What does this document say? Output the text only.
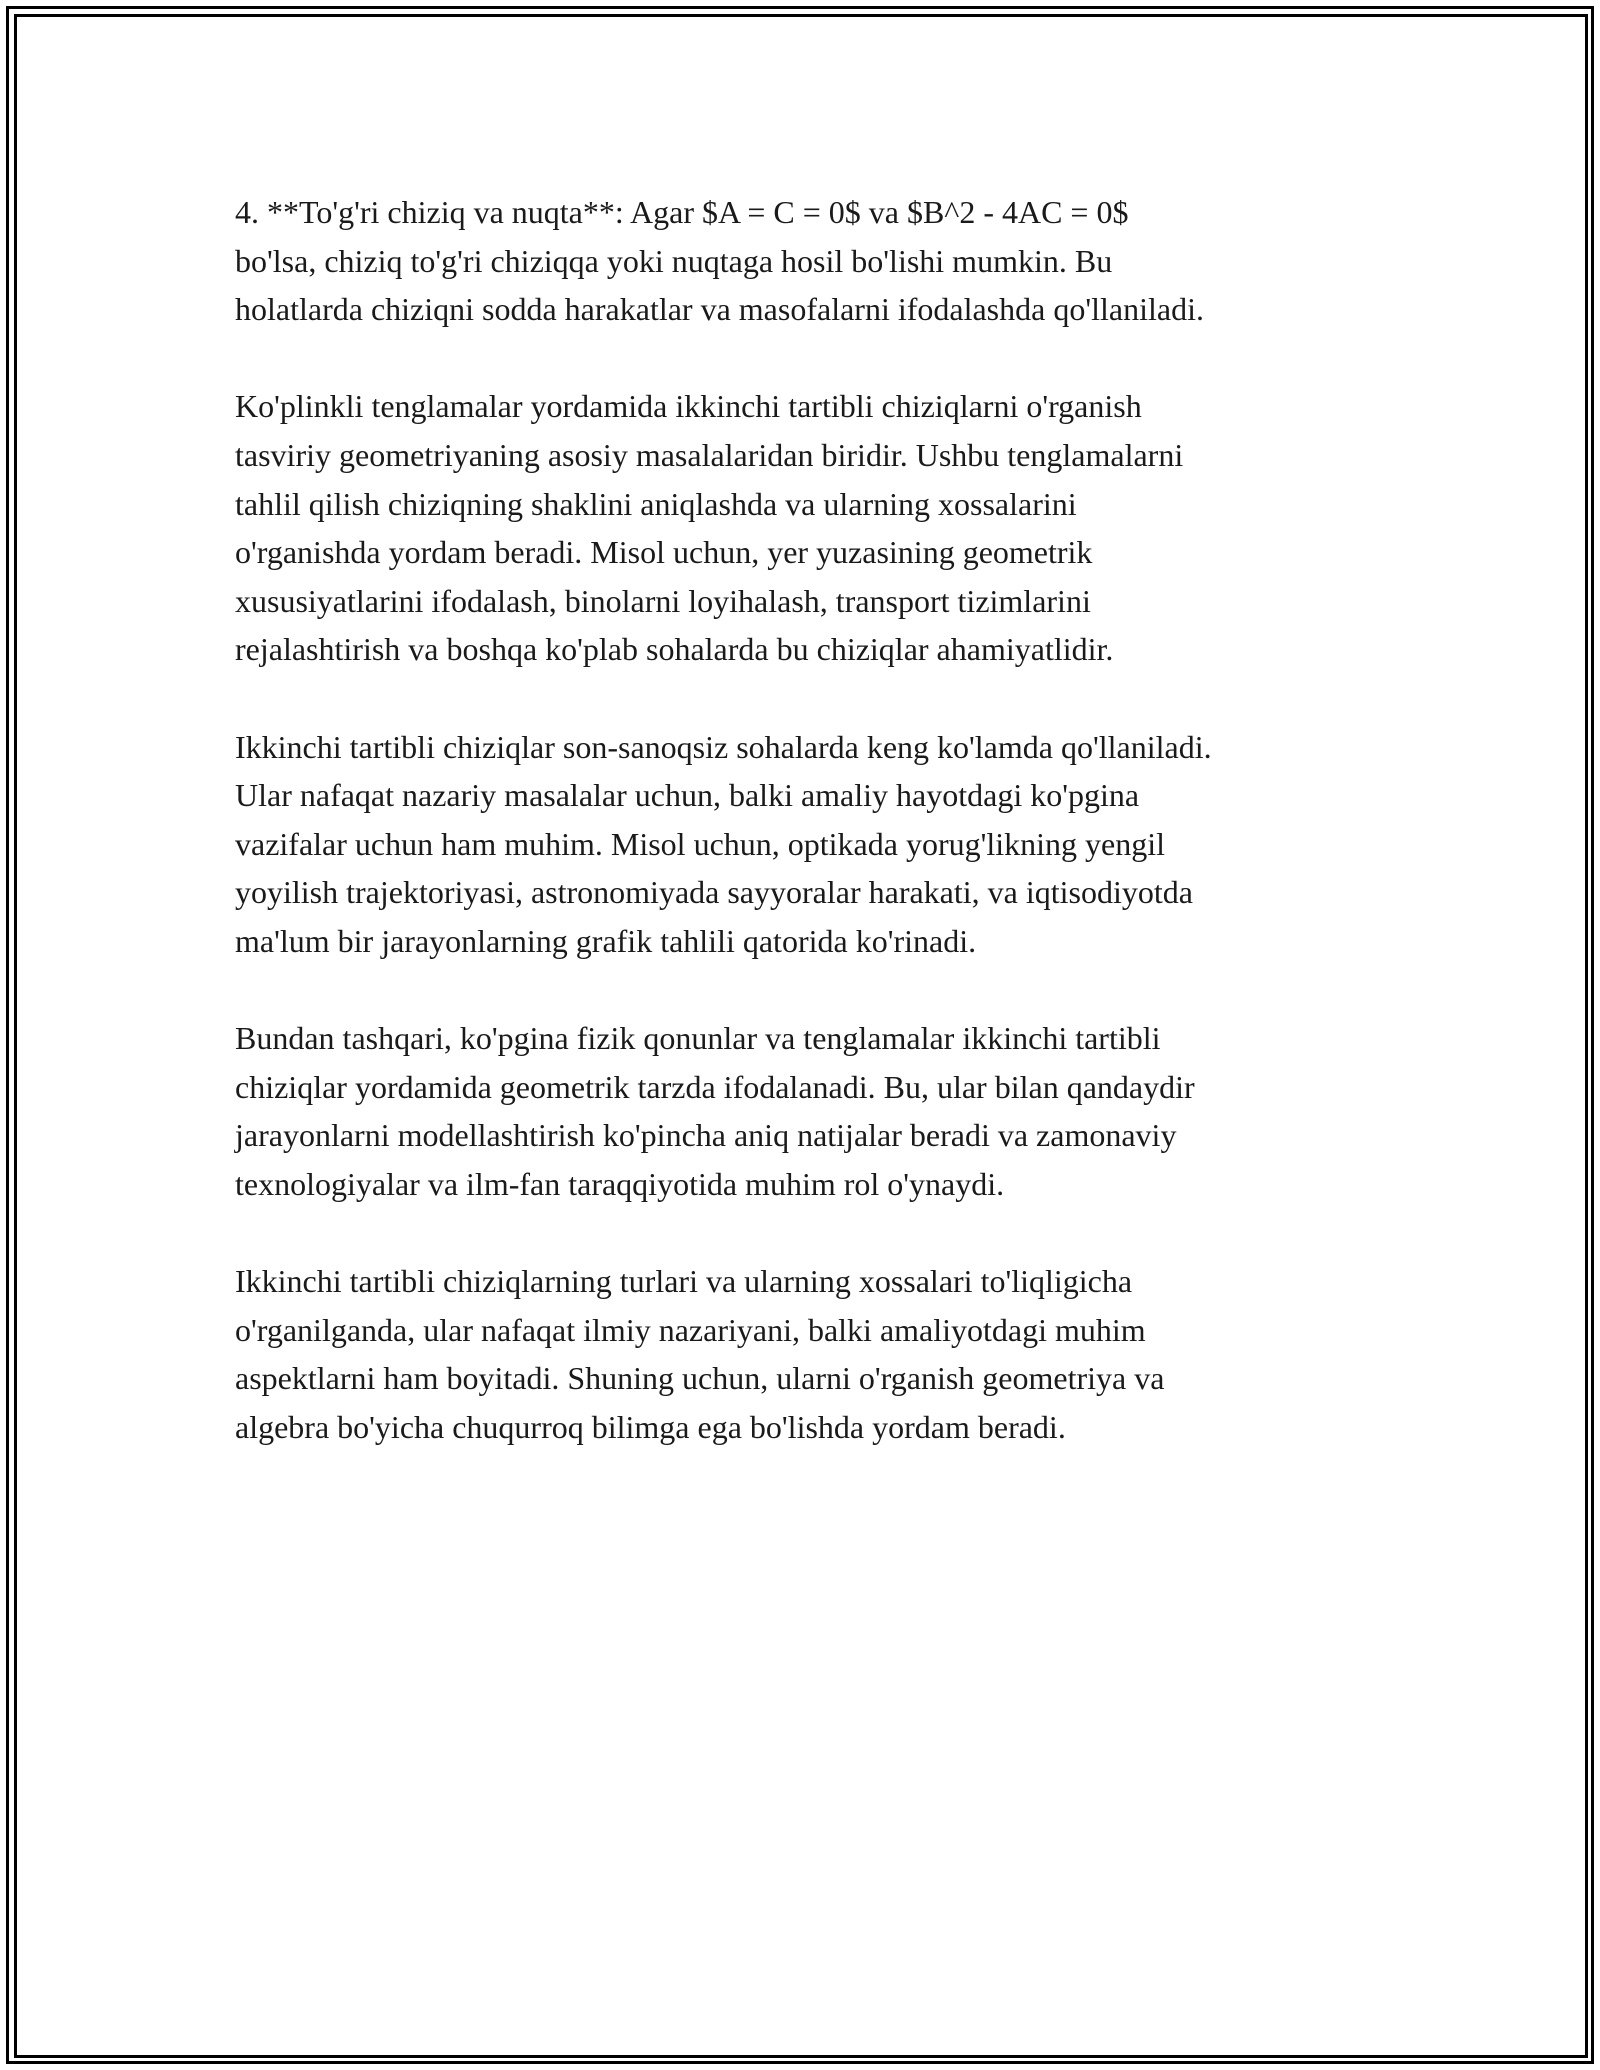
4. **To'g'ri chiziq va nuqta**: Agar $A = C = 0$ va $B^2 - 4AC = 0$
bo'lsa, chiziq to'g'ri chiziqqa yoki nuqtaga hosil bo'lishi mumkin. Bu
holatlarda chiziqni sodda harakatlar va masofalarni ifodalashda qo'llaniladi.

Ko'plinkli tenglamalar yordamida ikkinchi tartibli chiziqlarni o'rganish
tasviriy geometriyaning asosiy masalalaridan biridir. Ushbu tenglamalarni
tahlil qilish chiziqning shaklini aniqlashda va ularning xossalarini
o'rganishda yordam beradi. Misol uchun, yer yuzasining geometrik
xususiyatlarini ifodalash, binolarni loyihalash, transport tizimlarini
rejalashtirish va boshqa ko'plab sohalarda bu chiziqlar ahamiyatlidir.

Ikkinchi tartibli chiziqlar son-sanoqsiz sohalarda keng ko'lamda qo'llaniladi.
Ular nafaqat nazariy masalalar uchun, balki amaliy hayotdagi ko'pgina
vazifalar uchun ham muhim. Misol uchun, optikada yorug'likning yengil
yoyilish trajektoriyasi, astronomiyada sayyoralar harakati, va iqtisodiyotda
ma'lum bir jarayonlarning grafik tahlili qatorida ko'rinadi.

Bundan tashqari, ko'pgina fizik qonunlar va tenglamalar ikkinchi tartibli
chiziqlar yordamida geometrik tarzda ifodalanadi. Bu, ular bilan qandaydir
jarayonlarni modellashtirish ko'pincha aniq natijalar beradi va zamonaviy
texnologiyalar va ilm-fan taraqqiyotida muhim rol o'ynaydi.

Ikkinchi tartibli chiziqlarning turlari va ularning xossalari to'liqligicha
o'rganilganda, ular nafaqat ilmiy nazariyani, balki amaliyotdagi muhim
aspektlarni ham boyitadi. Shuning uchun, ularni o'rganish geometriya va
algebra bo'yicha chuqurroq bilimga ega bo'lishda yordam beradi.
